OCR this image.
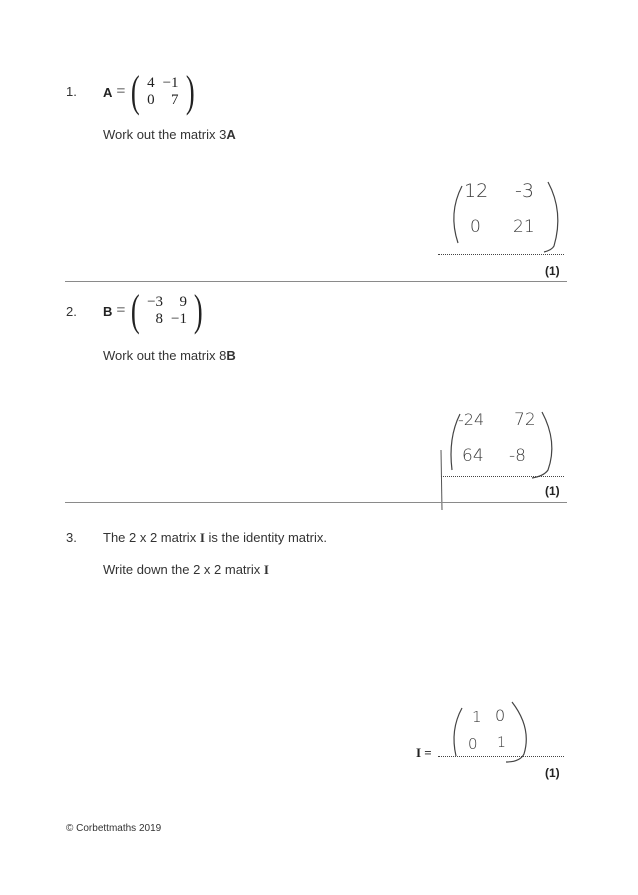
1. A = ( 4	−1
0	7 )
Work out the matrix 3A
12 -3
0 21
(1)
2. B = ( −3	9
8	−1 )
Work out the matrix 8B
-24 72
64 -8
(1)
3. The 2 x 2 matrix I is the identity matrix.
Write down the 2 x 2 matrix I
I =
1 0
0 1
(1)
© Corbettmaths 2019
